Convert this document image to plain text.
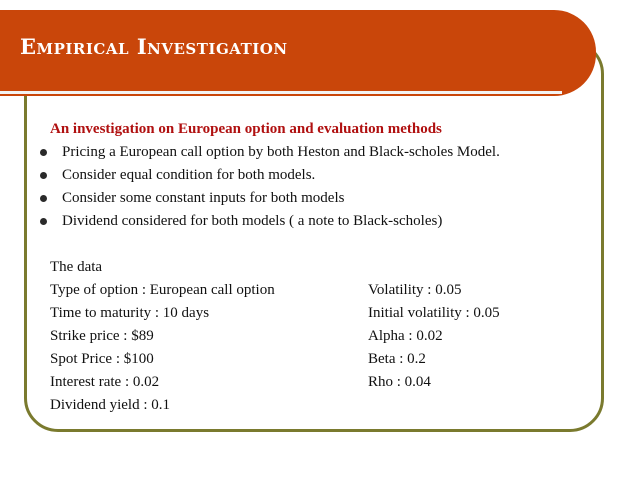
Empirical Investigation
An investigation on European option and evaluation methods
Pricing a European call option by both Heston and Black-scholes Model.
Consider equal condition for both models.
Consider some constant inputs for both models
Dividend considered for both models ( a note to Black-scholes)
The data
Type of option : European call option	Volatility : 0.05
Time to maturity : 10 days	Initial volatility : 0.05
Strike price : $89	Alpha : 0.02
Spot Price : $100	Beta : 0.2
Interest rate : 0.02	Rho : 0.04
Dividend yield : 0.1
